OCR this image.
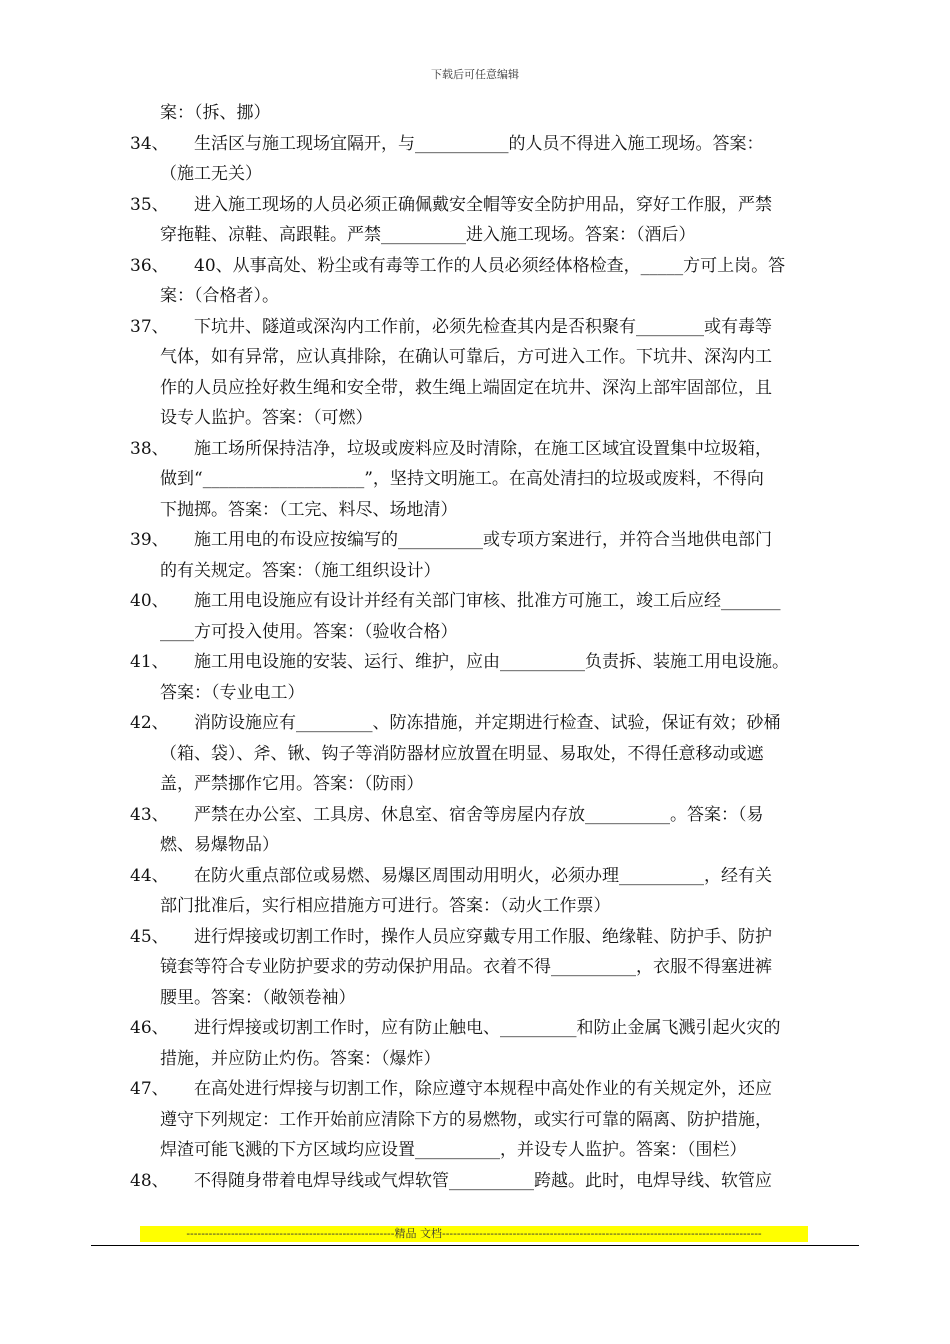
下载后可任意编辑
案：（拆、挪）
34、 生活区与施工现场宜隔开，与___________的人员不得进入施工现场。答案：
（施工无关）
35、 进入施工现场的人员必须正确佩戴安全帽等安全防护用品，穿好工作服，严禁
穿拖鞋、凉鞋、高跟鞋。严禁__________进入施工现场。答案：（酒后）
36、 40、从事高处、粉尘或有毒等工作的人员必须经体格检查，_____方可上岗。答
案：（合格者）。
37、 下坑井、隧道或深沟内工作前，必须先检查其内是否积聚有________或有毒等
气体，如有异常，应认真排除，在确认可靠后，方可进入工作。下坑井、深沟内工
作的人员应拴好救生绳和安全带，救生绳上端固定在坑井、深沟上部牢固部位，且
设专人监护。答案：（可燃）
38、 施工场所保持洁净，垃圾或废料应及时清除，在施工区域宜设置集中垃圾箱，
做到“___________________”，坚持文明施工。在高处清扫的垃圾或废料，不得向
下抛掷。答案：（工完、料尽、场地清）
39、 施工用电的布设应按编写的__________或专项方案进行，并符合当地供电部门
的有关规定。答案：（施工组织设计）
40、 施工用电设施应有设计并经有关部门审核、批准方可施工，竣工后应经_______
____方可投入使用。答案：（验收合格）
41、 施工用电设施的安装、运行、维护，应由__________负责拆、装施工用电设施。
答案：（专业电工）
42、 消防设施应有_________、防冻措施，并定期进行检查、试验，保证有效；砂桶
（箱、袋）、斧、锹、钩子等消防器材应放置在明显、易取处，不得任意移动或遮
盖，严禁挪作它用。答案：（防雨）
43、 严禁在办公室、工具房、休息室、宿舍等房屋内存放__________。答案：（易
燃、易爆物品）
44、 在防火重点部位或易燃、易爆区周围动用明火，必须办理__________，经有关
部门批准后，实行相应措施方可进行。答案：（动火工作票）
45、 进行焊接或切割工作时，操作人员应穿戴专用工作服、绝缘鞋、防护手、防护
镜套等符合专业防护要求的劳动保护用品。衣着不得__________，衣服不得塞进裤
腰里。答案：（敞领卷袖）
46、 进行焊接或切割工作时，应有防止触电、_________和防止金属飞溅引起火灾的
措施，并应防止灼伤。答案：（爆炸）
47、 在高处进行焊接与切割工作，除应遵守本规程中高处作业的有关规定外，还应
遵守下列规定：工作开始前应清除下方的易燃物，或实行可靠的隔离、防护措施，
焊渣可能飞溅的下方区域均应设置__________，并设专人监护。答案：（围栏）
48、 不得随身带着电焊导线或气焊软管__________跨越。此时，电焊导线、软管应
--------------------------------------------------------精品 文档--------------------------------------------------------------------------------------
